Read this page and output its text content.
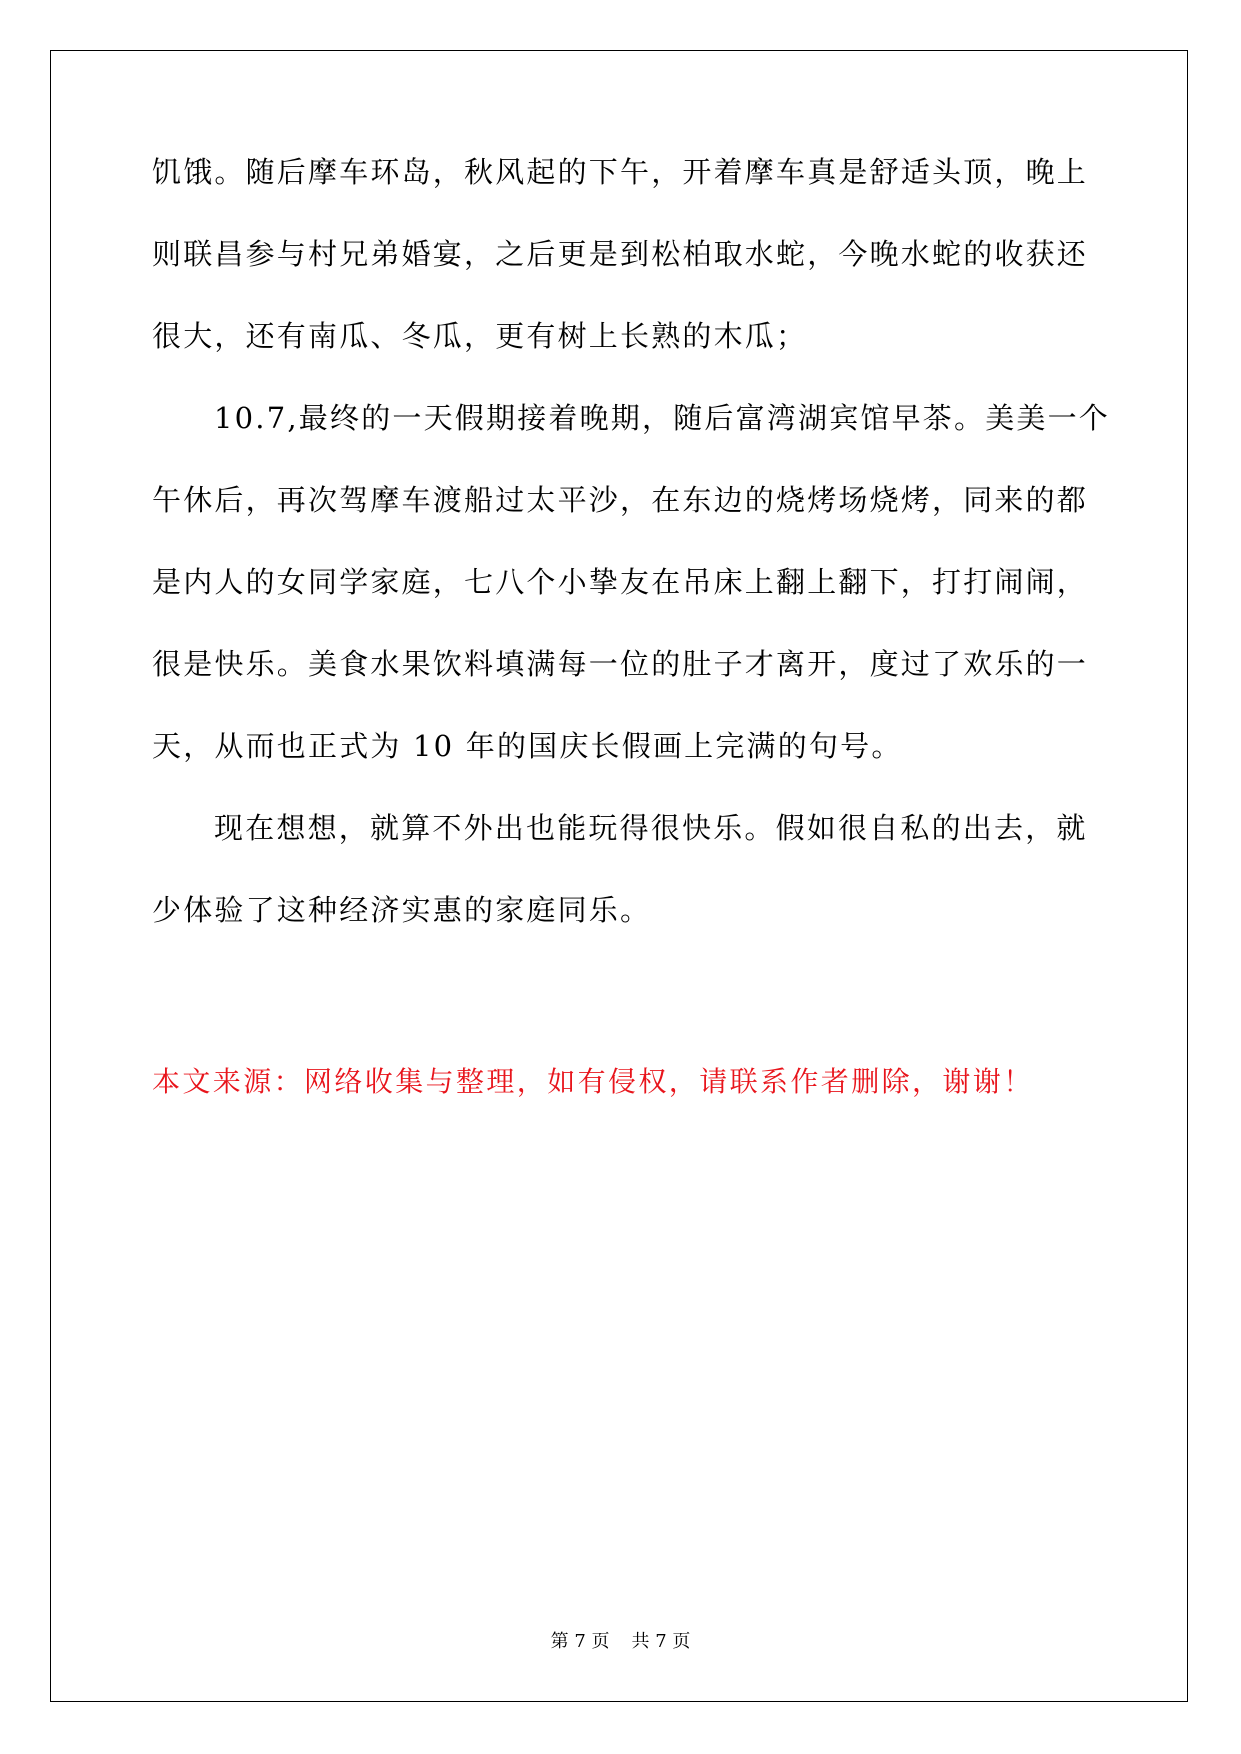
饥饿。随后摩车环岛，秋风起的下午，开着摩车真是舒适头顶，晚上
则联昌参与村兄弟婚宴，之后更是到松柏取水蛇，今晚水蛇的收获还
很大，还有南瓜、冬瓜，更有树上长熟的木瓜；
10.7,最终的一天假期接着晚期，随后富湾湖宾馆早茶。美美一个
午休后，再次驾摩车渡船过太平沙，在东边的烧烤场烧烤，同来的都
是内人的女同学家庭，七八个小挚友在吊床上翻上翻下，打打闹闹，
很是快乐。美食水果饮料填满每一位的肚子才离开，度过了欢乐的一
天，从而也正式为 10 年的国庆长假画上完满的句号。
现在想想，就算不外出也能玩得很快乐。假如很自私的出去，就
少体验了这种经济实惠的家庭同乐。
本文来源：网络收集与整理，如有侵权，请联系作者删除，谢谢！
第 7 页 共 7 页
